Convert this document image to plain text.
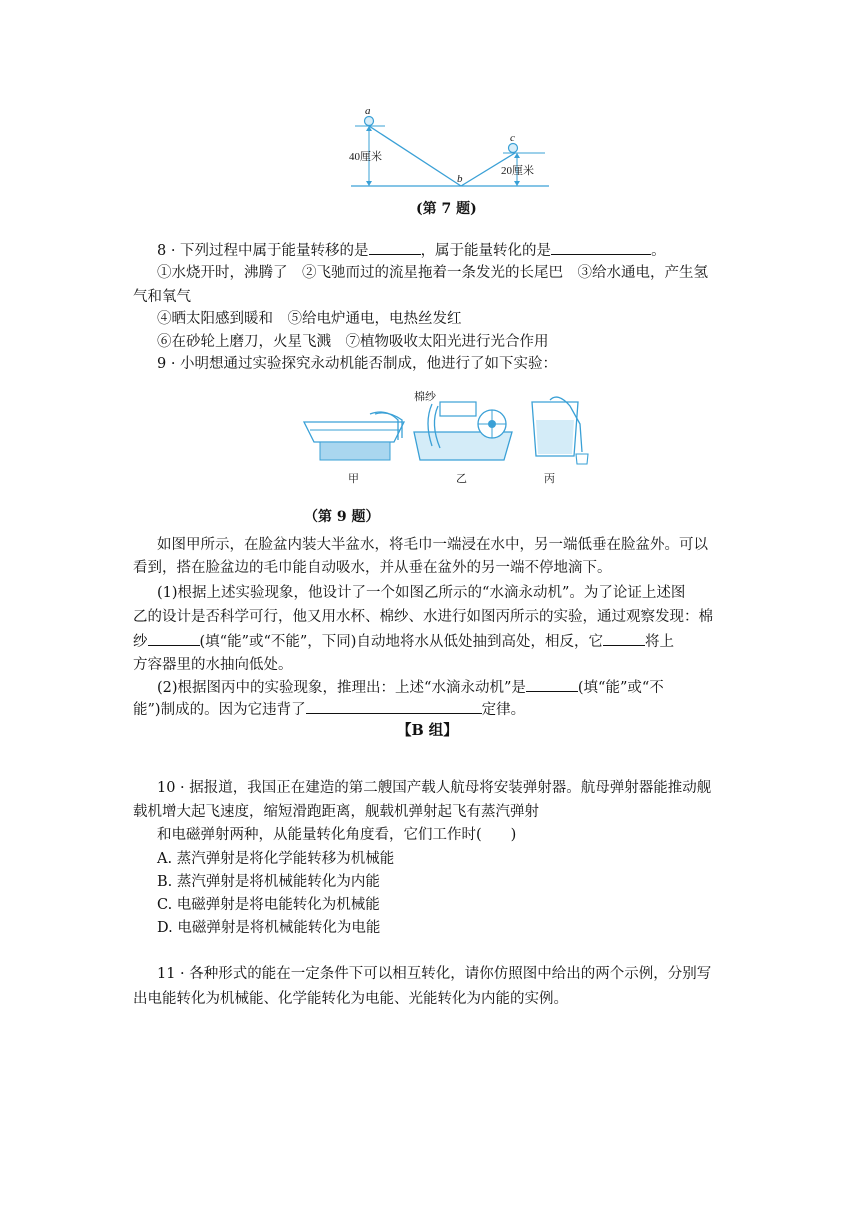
a
b
c
40厘米
20厘米
(第 7 题)
8 · 下列过程中属于能量转移的是	，属于能量转化的是	。
①水烧开时，沸腾了　②飞驰而过的流星拖着一条发光的长尾巴　③给水通电，产生氢
气和氧气
④晒太阳感到暖和　⑤给电炉通电，电热丝发红
⑥在砂轮上磨刀，火星飞溅　⑦植物吸收太阳光进行光合作用
9 · 小明想通过实验探究永动机能否制成，他进行了如下实验：
甲
棉纱
乙	丙
（第 9 题）
如图甲所示，在脸盆内装大半盆水，将毛巾一端浸在水中，另一端低垂在脸盆外。可以
看到，搭在脸盆边的毛巾能自动吸水，并从垂在盆外的另一端不停地滴下。
(1)根据上述实验现象，他设计了一个如图乙所示的“水滴永动机”。为了论证上述图
乙的设计是否科学可行，他又用水杯、棉纱、水进行如图丙所示的实验，通过观察发现：棉
纱	(填“能”或“不能”，下同)自动地将水从低处抽到高处，相反，它	将上
方容器里的水抽向低处。
(2)根据图丙中的实验现象，推理出：上述“水滴永动机”是	(填“能”或“不
能”)制成的。因为它违背了	定律。
【B 组】
10 · 据报道，我国正在建造的第二艘国产载人航母将安装弹射器。航母弹射器能推动舰
载机增大起飞速度，缩短滑跑距离，舰载机弹射起飞有蒸汽弹射
和电磁弹射两种，从能量转化角度看，它们工作时(　　)
A. 蒸汽弹射是将化学能转移为机械能
B. 蒸汽弹射是将机械能转化为内能
C. 电磁弹射是将电能转化为机械能
D. 电磁弹射是将机械能转化为电能
11 · 各种形式的能在一定条件下可以相互转化，请你仿照图中给出的两个示例，分别写
出电能转化为机械能、化学能转化为电能、光能转化为内能的实例。
